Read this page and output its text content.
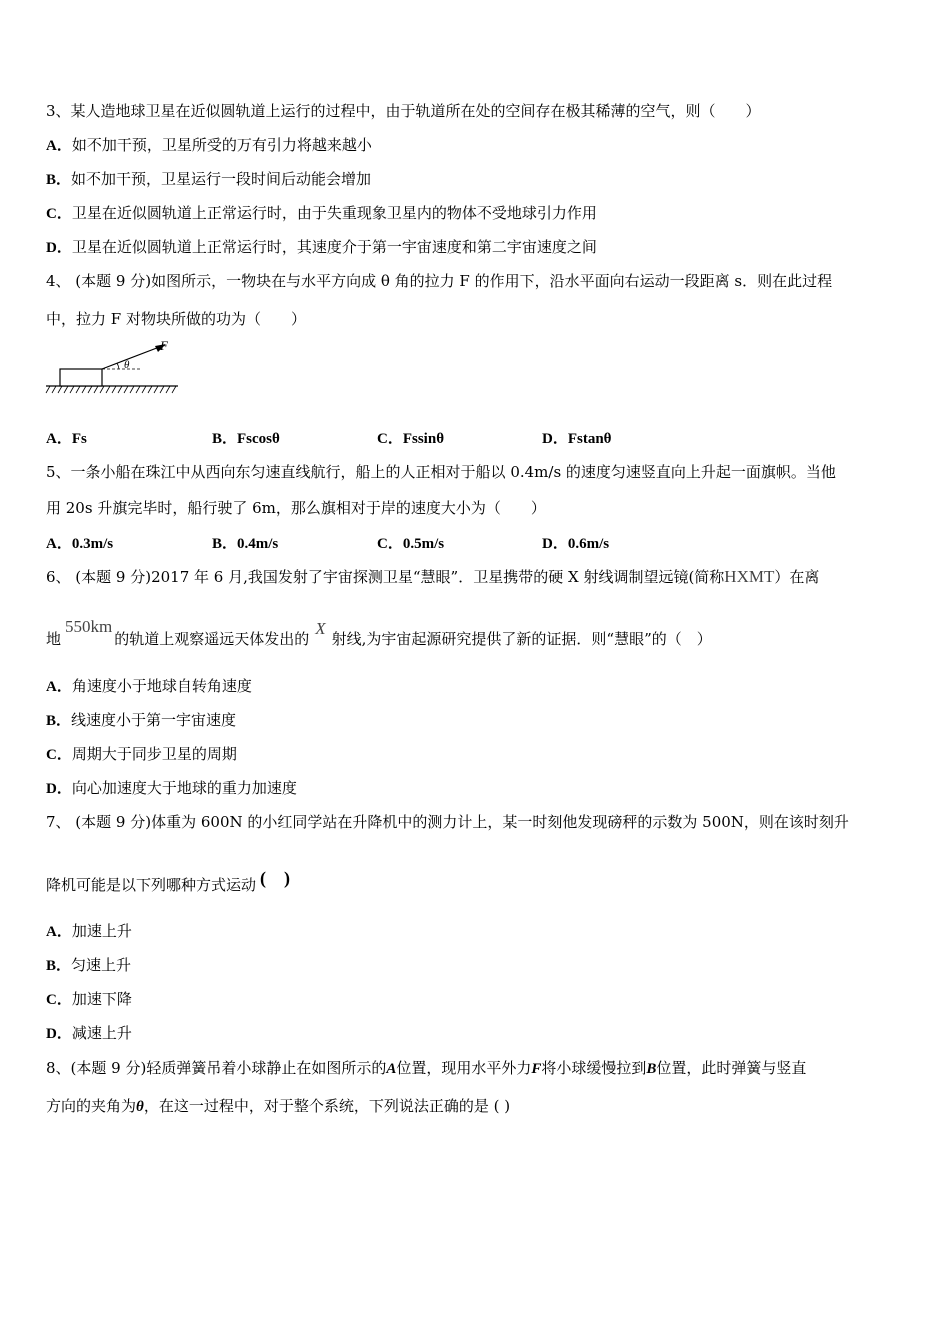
3、某人造地球卫星在近似圆轨道上运行的过程中，由于轨道所在处的空间存在极其稀薄的空气，则（　　）
A．如不加干预，卫星所受的万有引力将越来越小
B．如不加干预，卫星运行一段时间后动能会增加
C．卫星在近似圆轨道上正常运行时，由于失重现象卫星内的物体不受地球引力作用
D．卫星在近似圆轨道上正常运行时，其速度介于第一宇宙速度和第二宇宙速度之间
4、 (本题 9 分)如图所示，一物块在与水平方向成 θ 角的拉力 F 的作用下，沿水平面向右运动一段距离 s．则在此过程
中，拉力 F 对物块所做的功为（　　）
F
θ
A．Fs	B．Fscosθ	C．Fssinθ	D．Fstanθ
5、一条小船在珠江中从西向东匀速直线航行，船上的人正相对于船以 0.4m/s 的速度匀速竖直向上升起一面旗帜。当他
用 20s 升旗完毕时，船行驶了 6m，那么旗相对于岸的速度大小为（　　）
A．0.3m/s	B．0.4m/s	C．0.5m/s	D．0.6m/s
6、 (本题 9 分)2017 年 6 月,我国发射了宇宙探测卫星“慧眼”．卫星携带的硬 X 射线调制望远镜(简称HXMT）在离
地550km的轨道上观察遥远天体发出的X射线,为宇宙起源研究提供了新的证据．则“慧眼”的（　）
A．角速度小于地球自转角速度
B．线速度小于第一宇宙速度
C．周期大于同步卫星的周期
D．向心加速度大于地球的重力加速度
7、 (本题 9 分)体重为 600N 的小红同学站在升降机中的测力计上，某一时刻他发现磅秤的示数为 500N，则在该时刻升
降机可能是以下列哪种方式运动 (　)
A．加速上升
B．匀速上升
C．加速下降
D．减速上升
8、(本题 9 分)轻质弹簧吊着小球静止在如图所示的A位置，现用水平外力F将小球缓慢拉到B位置，此时弹簧与竖直
方向的夹角为θ，在这一过程中，对于整个系统，下列说法正确的是 ( )
